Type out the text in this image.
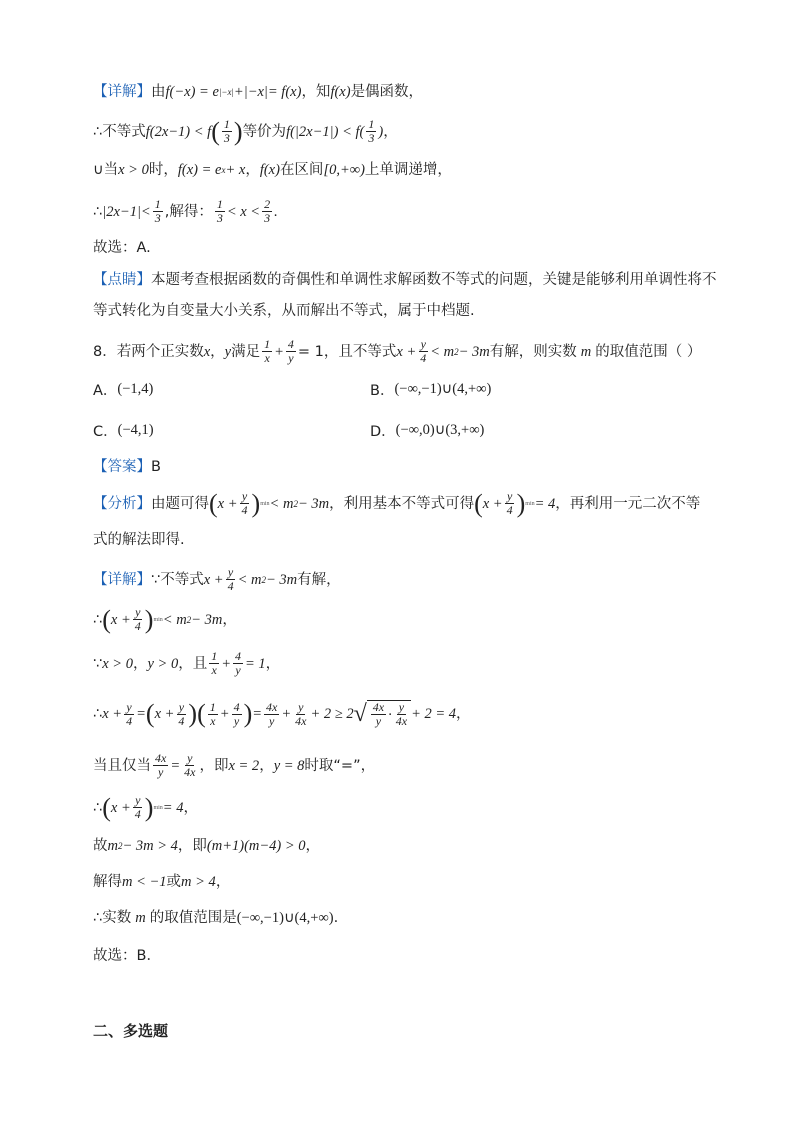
【详解】 由 f(−x) = e |−x| +|−x|= f(x) ，知 f(x) 是偶函数，
∴不等式 f(2x−1) < f ( $\frac{1}{3}$ ) 等价为 $f(|2x-1|) < f( \frac{1}{3}$ ) ，
∪当 x > 0 时， f(x) = e x + x ， f(x) 在区间 [0,+∞) 上单调递增，
∴ $|2x-1|< \frac{1}{3}$ ,解得： $\frac{1}{3} < x < \frac{2}{3}$ .
故选：A.
【点睛】 本题考查根据函数的奇偶性和单调性求解函数不等式的问题，关键是能够利用单调性将不
等式转化为自变量大小关系，从而解出不等式，属于中档题.
8．若两个正实数 x ， y 满足 $\frac{1}{x} + \frac{4}{y} = 1$，且不等式 $x + \frac{y}{4} < m$ 2 − 3m 有解，则实数 m 的取值范围（ ）
A． (−1,4)	B． (−∞,−1)∪(4,+∞)
C． (−4,1)	D． (−∞,0)∪(3,+∞)
【答案】 B
【分析】 由题可得 ( $x + \frac{y}{4}$ ) min < m 2 − 3m ，利用基本不等式可得 ( $x + \frac{y}{4}$ ) min = 4 ，再利用一元二次不等
式的解法即得.
【详解】 ∵不等式 $x + \frac{y}{4} < m$ 2 − 3m 有解，
∴ ( $x + \frac{y}{4}$ ) min < m 2 − 3m ，
∵ x > 0 ， y > 0 ，且 $\frac{1}{x} + \frac{4}{y} = 1$ ，
∴ $x + \frac{y}{4}$ = ( $x + \frac{y}{4}$ ) ( $\frac{1}{x} + \frac{4}{y}$ ) = $\frac{4x}{y} + \frac{y}{4x} + 2 \ge 2$ √ $\frac{4x}{y} \cdot \frac{y}{4x} + 2 = 4$ ，
当且仅当 $\frac{4x}{y} = \frac{y}{4x}$ ，即 x = 2 ， y = 8 时取“=”，
∴ ( $x + \frac{y}{4}$ ) min = 4 ，
故 m 2 − 3m > 4 ，即 (m+1)(m−4) > 0 ，
解得 m < −1 或 m > 4 ，
∴实数 m 的取值范围是 (−∞,−1)∪(4,+∞) .
故选：B．
二、多选题
